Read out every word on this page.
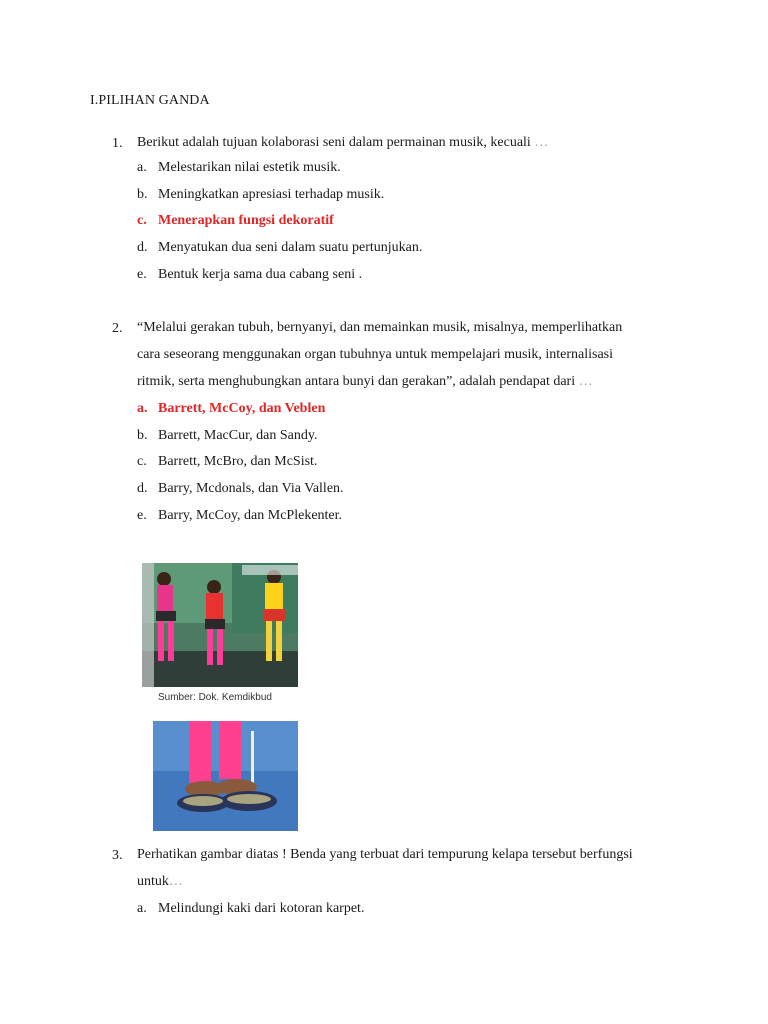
I.PILIHAN GANDA
1. Berikut adalah tujuan kolaborasi seni dalam permainan musik, kecuali …
a. Melestarikan nilai estetik musik.
b. Meningkatkan apresiasi terhadap musik.
c. Menerapkan fungsi dekoratif
d. Menyatukan dua seni dalam suatu pertunjukan.
e. Bentuk kerja sama dua cabang seni .
2. “Melalui gerakan tubuh, bernyanyi, dan memainkan musik, misalnya, memperlihatkan
cara seseorang menggunakan organ tubuhnya untuk mempelajari musik, internalisasi
ritmik, serta menghubungkan antara bunyi dan gerakan”, adalah pendapat dari …
a. Barrett, McCoy, dan Veblen
b. Barrett, MacCur, dan Sandy.
c. Barrett, McBro, dan McSist.
d. Barry, Mcdonals, dan Via Vallen.
e. Barry, McCoy, dan McPlekenter.
Sumber: Dok. Kemdikbud
3. Perhatikan gambar diatas ! Benda yang terbuat dari tempurung kelapa tersebut berfungsi
untuk…
a. Melindungi kaki dari kotoran karpet.
